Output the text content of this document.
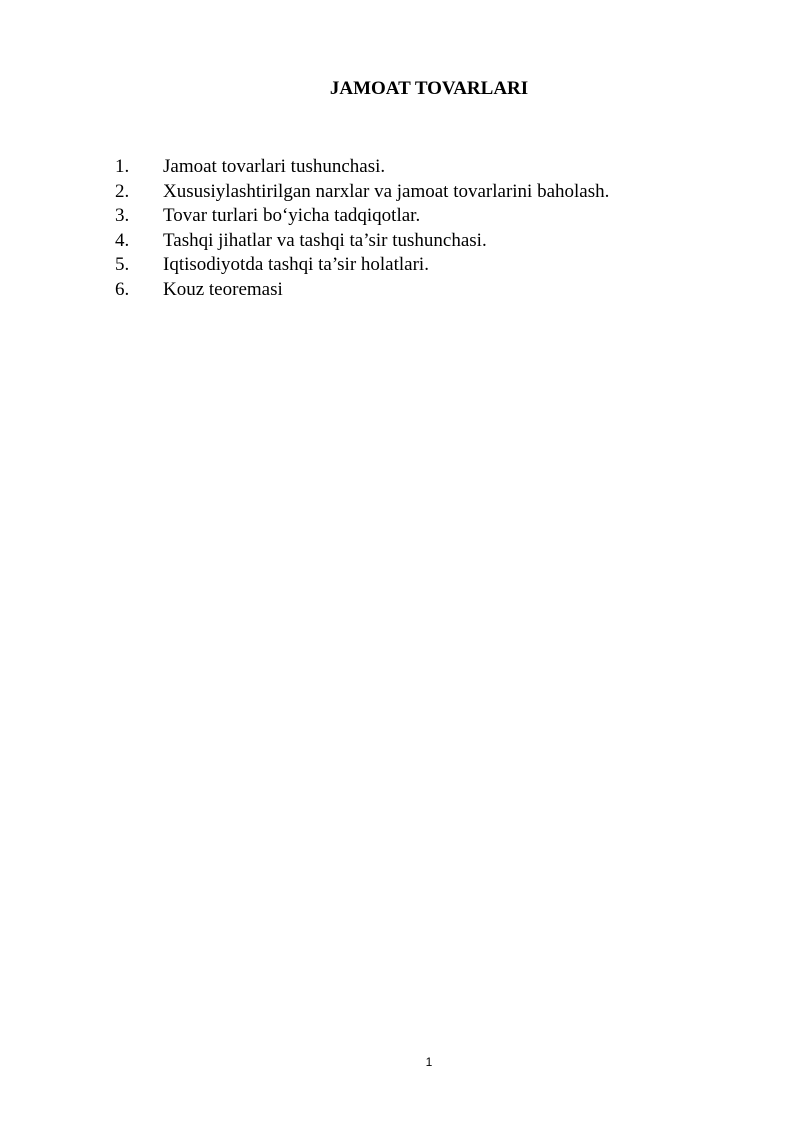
JAMOAT TOVARLARI
1. Jamoat tovarlari tushunchasi.
2. Xususiylashtirilgan narxlar va jamoat tovarlarini baholash.
3. Tovar turlari bo‘yicha tadqiqotlar.
4. Tashqi jihatlar va tashqi ta’sir tushunchasi.
5. Iqtisodiyotda tashqi ta’sir holatlari.
6. Kouz teoremasi
1
